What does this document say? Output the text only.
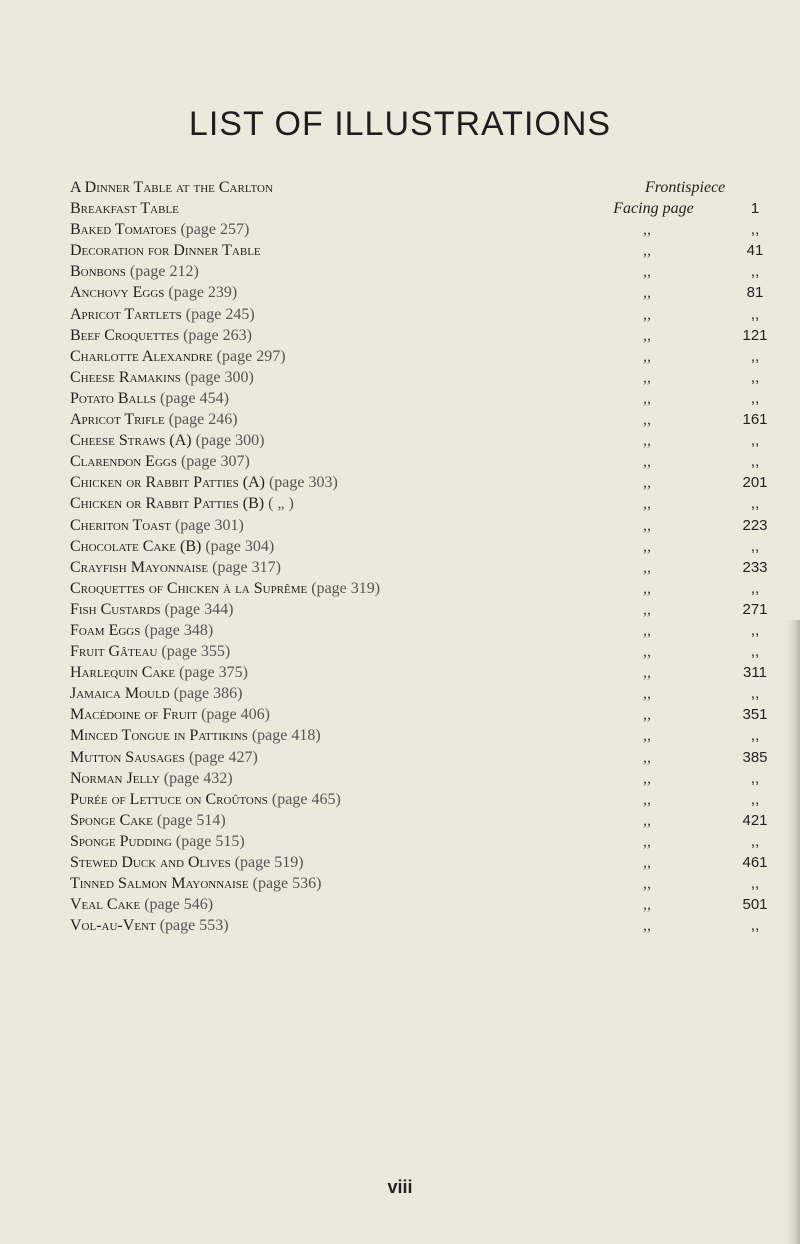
LIST OF ILLUSTRATIONS
A Dinner Table at the Carlton	Frontispiece
Breakfast Table	Facing page	1
Baked Tomatoes (page 257)	,,	,,
Decoration for Dinner Table	,,	41
Bonbons (page 212)	,,	,,
Anchovy Eggs (page 239)	,,	81
Apricot Tartlets (page 245)	,,	,,
Beef Croquettes (page 263)	,,	121
Charlotte Alexandre (page 297)	,,	,,
Cheese Ramakins (page 300)	,,	,,
Potato Balls (page 454)	,,	,,
Apricot Trifle (page 246)	,,	161
Cheese Straws (A) (page 300)	,,	,,
Clarendon Eggs (page 307)	,,	,,
Chicken or Rabbit Patties (A) (page 303)	,,	201
Chicken or Rabbit Patties (B) ( „ )	,,	,,
Cheriton Toast (page 301)	,,	223
Chocolate Cake (B) (page 304)	,,	,,
Crayfish Mayonnaise (page 317)	,,	233
Croquettes of Chicken à la Suprême (page 319)	,,	,,
Fish Custards (page 344)	,,	271
Foam Eggs (page 348)	,,	,,
Fruit Gâteau (page 355)	,,	,,
Harlequin Cake (page 375)	,,	311
Jamaica Mould (page 386)	,,	,,
Macédoine of Fruit (page 406)	,,	351
Minced Tongue in Pattikins (page 418)	,,	,,
Mutton Sausages (page 427)	,,	385
Norman Jelly (page 432)	,,	,,
Purée of Lettuce on Croûtons (page 465)	,,	,,
Sponge Cake (page 514)	,,	421
Sponge Pudding (page 515)	,,	,,
Stewed Duck and Olives (page 519)	,,	461
Tinned Salmon Mayonnaise (page 536)	,,	,,
Veal Cake (page 546)	,,	501
Vol-au-Vent (page 553)	,,	,,
viii
